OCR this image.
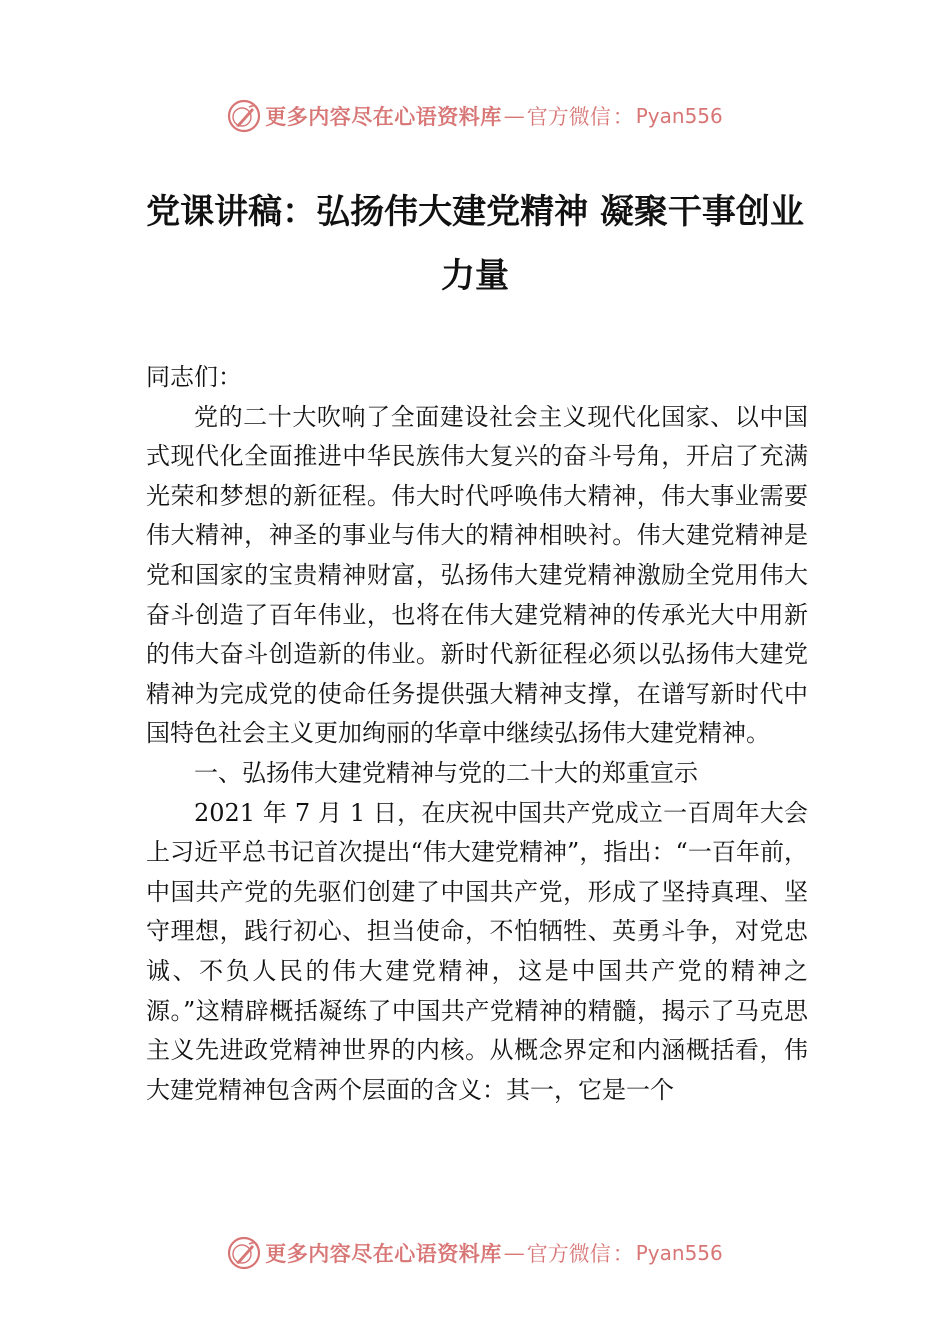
更多内容尽在心语资料库 — 官方微信 ： Pyan556
党课讲稿：弘扬伟大建党精神 凝聚干事创业力量

同志们：

党的二十大吹响了全面建设社会主义现代化国家、以中国式现代化全面推进中华民族伟大复兴的奋斗号角，开启了充满光荣和梦想的新征程。伟大时代呼唤伟大精神，伟大事业需要伟大精神，神圣的事业与伟大的精神相映衬。伟大建党精神是党和国家的宝贵精神财富，弘扬伟大建党精神激励全党用伟大奋斗创造了百年伟业，也将在伟大建党精神的传承光大中用新的伟大奋斗创造新的伟业。新时代新征程必须以弘扬伟大建党精神为完成党的使命任务提供强大精神支撑，在谱写新时代中国特色社会主义更加绚丽的华章中继续弘扬伟大建党精神。

一、弘扬伟大建党精神与党的二十大的郑重宣示

2021 年 7 月 1 日，在庆祝中国共产党成立一百周年大会上习近平总书记首次提出“伟大建党精神”，指出：“一百年前，中国共产党的先驱们创建了中国共产党，形成了坚持真理、坚守理想，践行初心、担当使命，不怕牺牲、英勇斗争，对党忠诚、不负人民的伟大建党精神，这是中国共产党的精神之源。”这精辟概括凝练了中国共产党精神的精髓，揭示了马克思主义先进政党精神世界的内核。从概念界定和内涵概括看，伟大建党精神包含两个层面的含义：其一，它是一个

更多内容尽在心语资料库 — 官方微信 ： Pyan556
